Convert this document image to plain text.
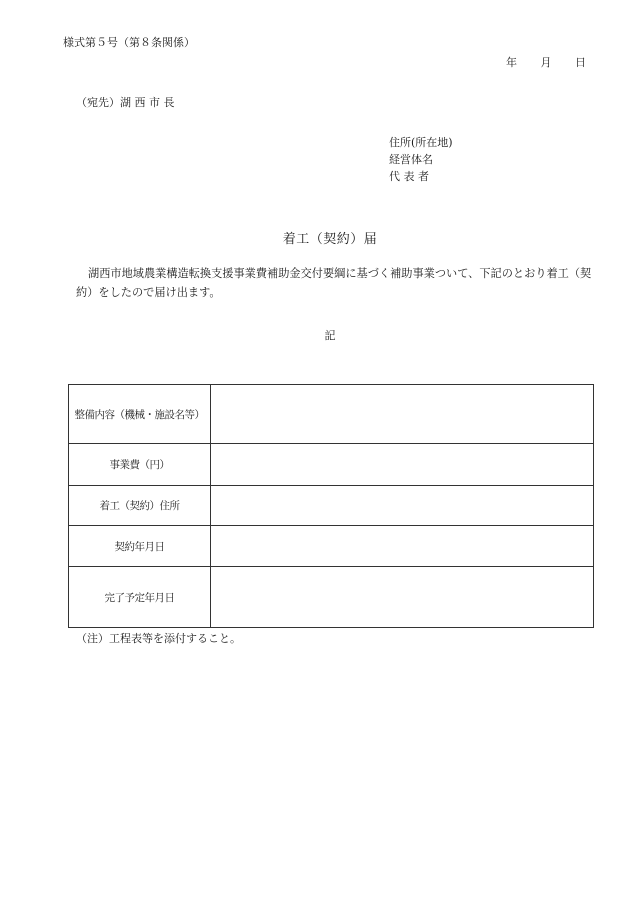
様式第５号（第８条関係）
年 月 日
（宛先）湖 西 市 長
住所(所在地)
経営体名
代 表 者
着工（契約）届
湖西市地域農業構造転換支援事業費補助金交付要綱に基づく補助事業ついて、下記のとおり着工（契約）をしたので届け出ます。
記
整備内容（機械・施設名等）	
事業費（円）	
着工（契約）住所	
契約年月日	
完了予定年月日	
（注）工程表等を添付すること。
